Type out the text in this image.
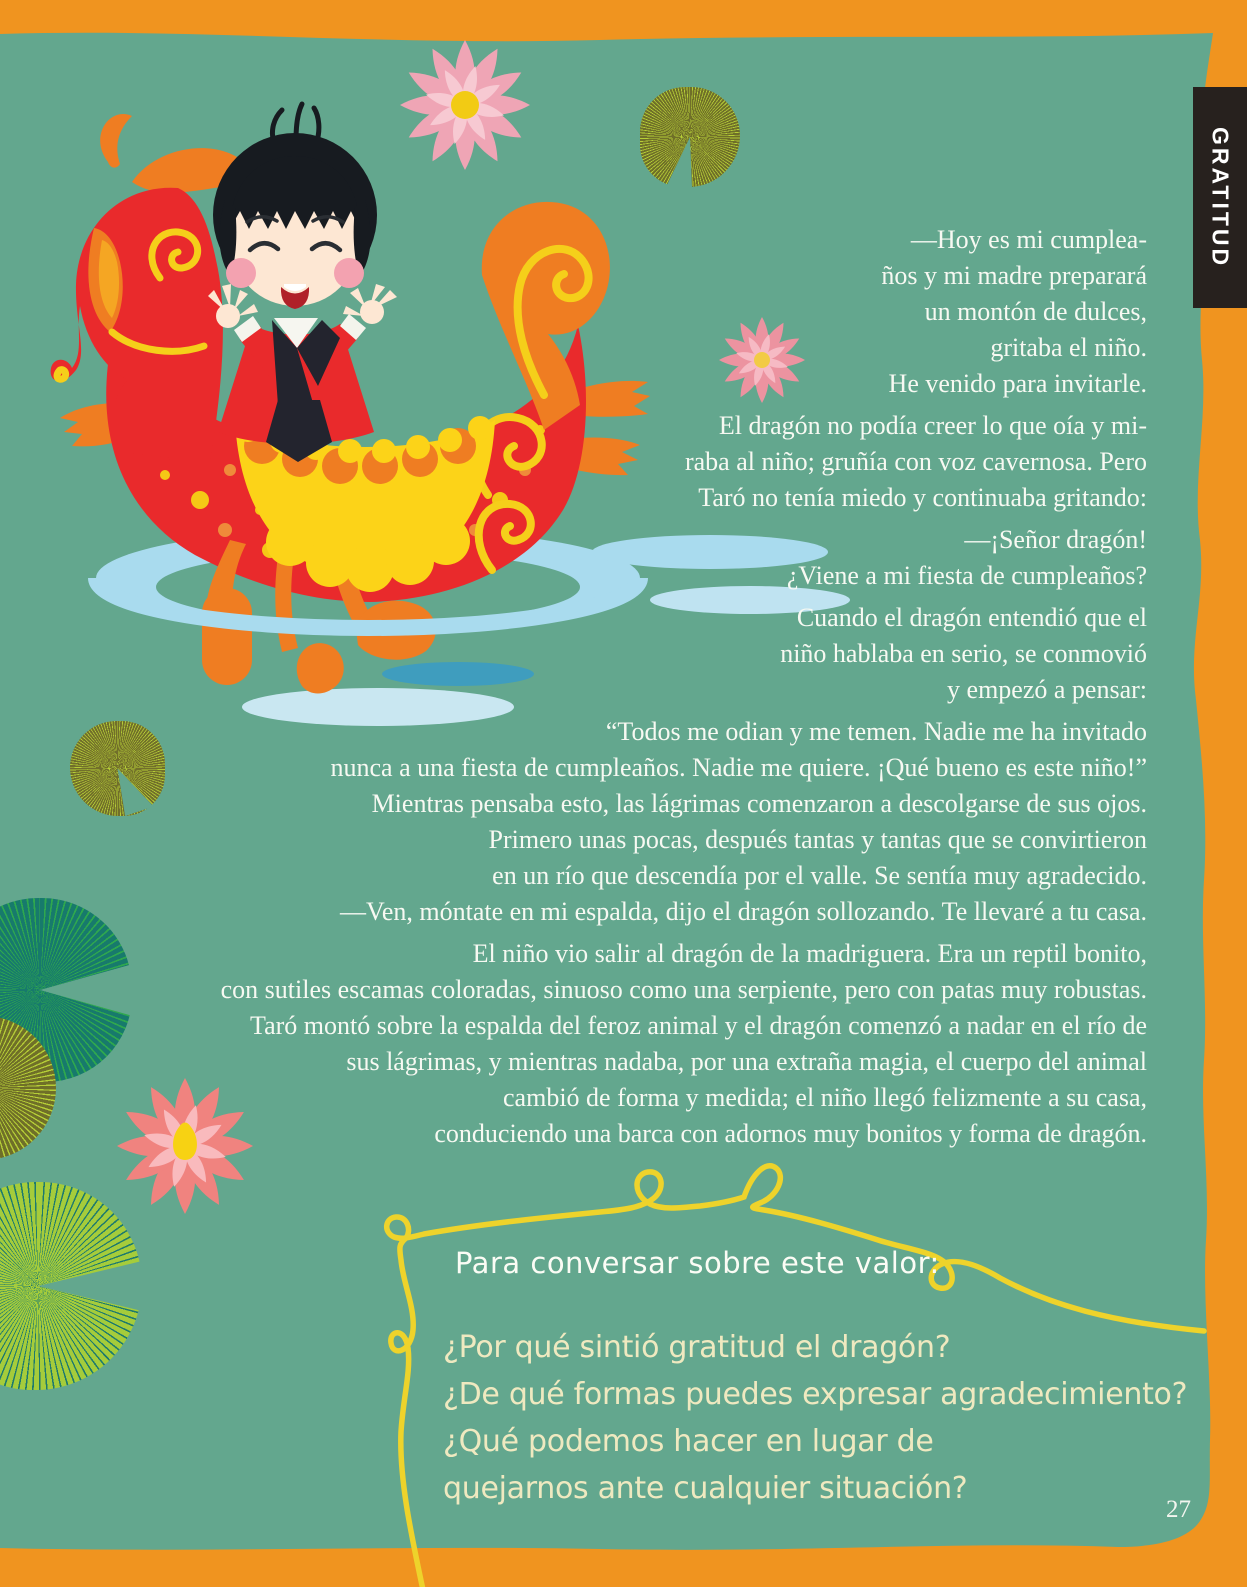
GRATITUD
—Hoy es mi cumplea-
ños y mi madre preparará
un montón de dulces,
gritaba el niño.
He venido para invitarle.
El dragón no podía creer lo que oía y mi-
raba al niño; gruñía con voz cavernosa. Pero
Taró no tenía miedo y continuaba gritando:
—¡Señor dragón!
¿Viene a mi fiesta de cumpleaños?
Cuando el dragón entendió que el
niño hablaba en serio, se conmovió
y empezó a pensar:
“Todos me odian y me temen. Nadie me ha invitado
nunca a una fiesta de cumpleaños. Nadie me quiere. ¡Qué bueno es este niño!”
Mientras pensaba esto, las lágrimas comenzaron a descolgarse de sus ojos.
Primero unas pocas, después tantas y tantas que se convirtieron
en un río que descendía por el valle. Se sentía muy agradecido.
—Ven, móntate en mi espalda, dijo el dragón sollozando. Te llevaré a tu casa.
El niño vio salir al dragón de la madriguera. Era un reptil bonito,
con sutiles escamas coloradas, sinuoso como una serpiente, pero con patas muy robustas.
Taró montó sobre la espalda del feroz animal y el dragón comenzó a nadar en el río de
sus lágrimas, y mientras nadaba, por una extraña magia, el cuerpo del animal
cambió de forma y medida; el niño llegó felizmente a su casa,
conduciendo una barca con adornos muy bonitos y forma de dragón.
Para conversar sobre este valor:
¿Por qué sintió gratitud el dragón?
¿De qué formas puedes expresar agradecimiento?
¿Qué podemos hacer en lugar de
quejarnos ante cualquier situación?
27
